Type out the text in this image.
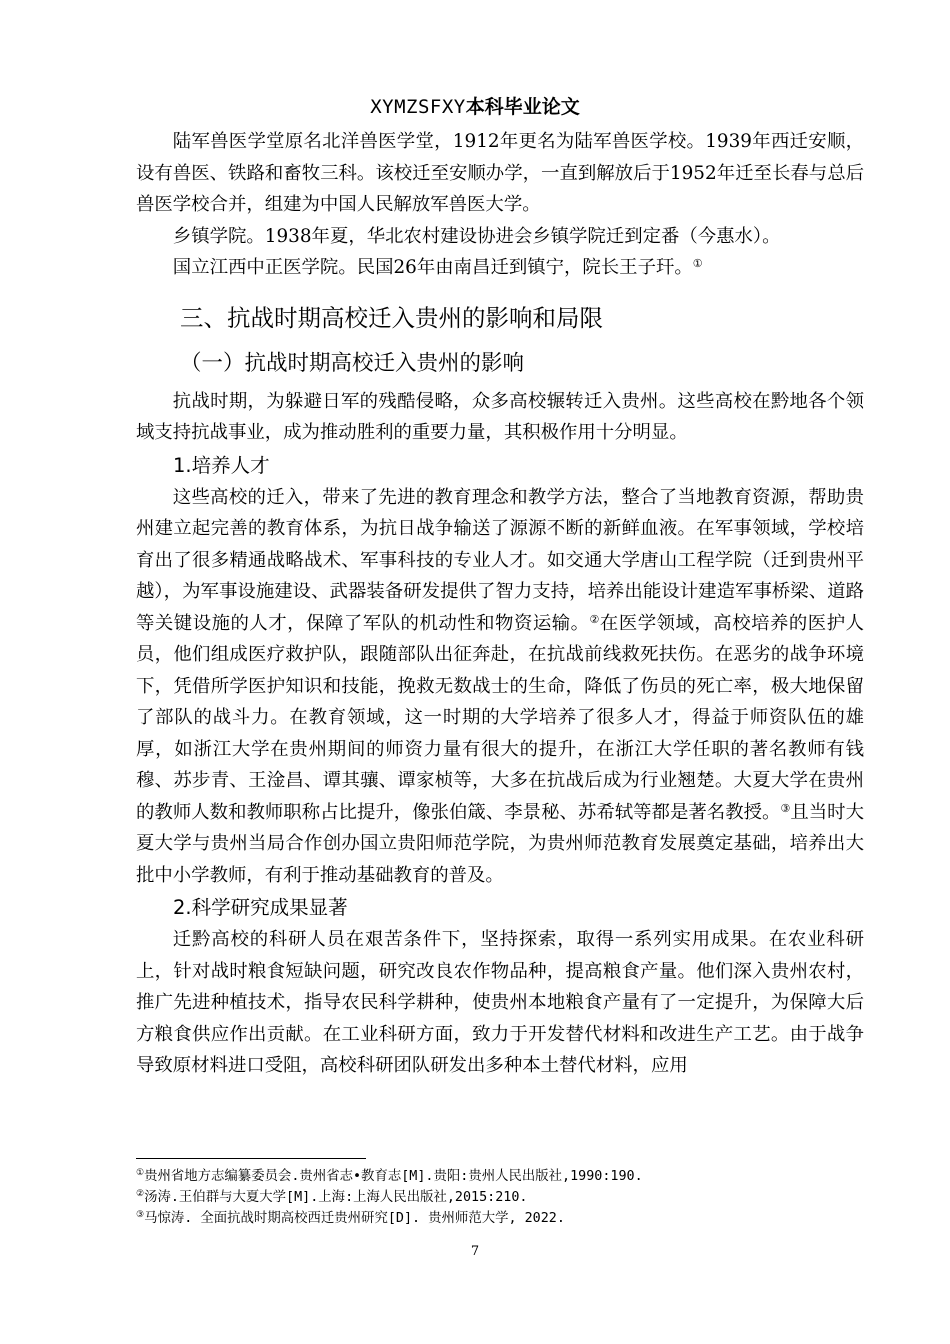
XYMZSFXY本科毕业论文

陆军兽医学堂原名北洋兽医学堂，1912年更名为陆军兽医学校。1939年西迁安顺，设有兽医、铁路和畜牧三科。该校迁至安顺办学，一直到解放后于1952年迁至长春与总后兽医学校合并，组建为中国人民解放军兽医大学。

乡镇学院。1938年夏，华北农村建设协进会乡镇学院迁到定番（今惠水）。

国立江西中正医学院。民国26年由南昌迁到镇宁，院长王子玕。①

三、抗战时期高校迁入贵州的影响和局限
（一）抗战时期高校迁入贵州的影响

抗战时期，为躲避日军的残酷侵略，众多高校辗转迁入贵州。这些高校在黔地各个领域支持抗战事业，成为推动胜利的重要力量，其积极作用十分明显。

1.培养人才

这些高校的迁入，带来了先进的教育理念和教学方法，整合了当地教育资源，帮助贵州建立起完善的教育体系，为抗日战争输送了源源不断的新鲜血液。在军事领域，学校培育出了很多精通战略战术、军事科技的专业人才。如交通大学唐山工程学院（迁到贵州平越），为军事设施建设、武器装备研发提供了智力支持，培养出能设计建造军事桥梁、道路等关键设施的人才，保障了军队的机动性和物资运输。②在医学领域，高校培养的医护人员，他们组成医疗救护队，跟随部队出征奔赴，在抗战前线救死扶伤。在恶劣的战争环境下，凭借所学医护知识和技能，挽救无数战士的生命，降低了伤员的死亡率，极大地保留了部队的战斗力。在教育领域，这一时期的大学培养了很多人才，得益于师资队伍的雄厚，如浙江大学在贵州期间的师资力量有很大的提升，在浙江大学任职的著名教师有钱穆、苏步青、王淦昌、谭其骧、谭家桢等，大多在抗战后成为行业翘楚。大夏大学在贵州的教师人数和教师职称占比提升，像张伯箴、李景秘、苏希轼等都是著名教授。③且当时大夏大学与贵州当局合作创办国立贵阳师范学院，为贵州师范教育发展奠定基础，培养出大批中小学教师，有利于推动基础教育的普及。

2.科学研究成果显著

迁黔高校的科研人员在艰苦条件下，坚持探索，取得一系列实用成果。在农业科研上，针对战时粮食短缺问题，研究改良农作物品种，提高粮食产量。他们深入贵州农村，推广先进种植技术，指导农民科学耕种，使贵州本地粮食产量有了一定提升，为保障大后方粮食供应作出贡献。在工业科研方面，致力于开发替代材料和改进生产工艺。由于战争导致原材料进口受阻，高校科研团队研发出多种本土替代材料，应用

①贵州省地方志编纂委员会.贵州省志•教育志[M].贵阳:贵州人民出版社,1990:190.
②汤涛.王伯群与大夏大学[M].上海:上海人民出版社,2015:210.
③马惊涛. 全面抗战时期高校西迁贵州研究[D]. 贵州师范大学, 2022.
7
